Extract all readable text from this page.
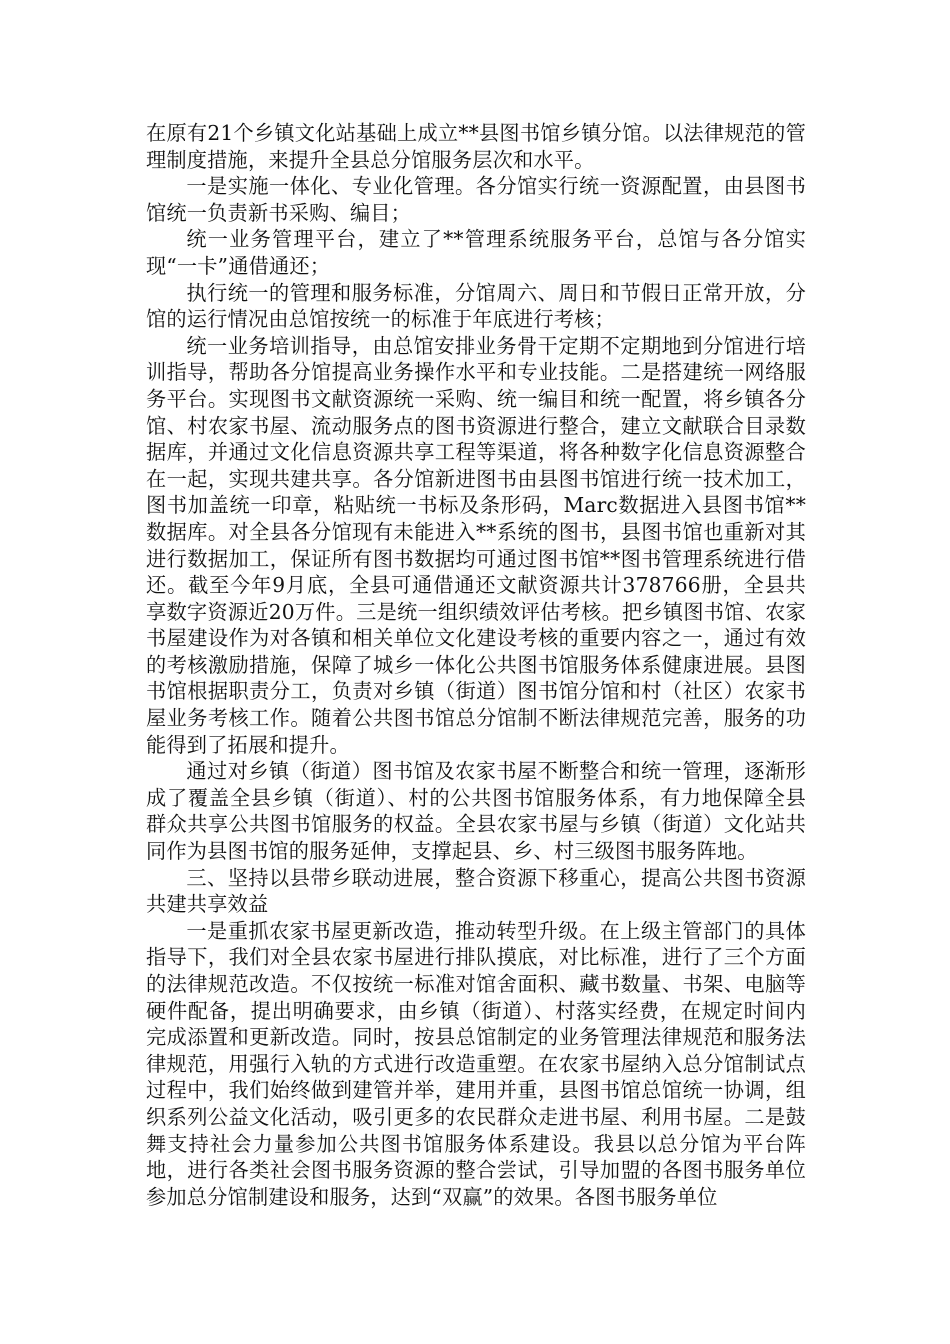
在原有21个乡镇文化站基础上成立**县图书馆乡镇分馆。以法律规范的管理制度措施，来提升全县总分馆服务层次和水平。

一是实施一体化、专业化管理。各分馆实行统一资源配置，由县图书馆统一负责新书采购、编目；

统一业务管理平台，建立了**管理系统服务平台，总馆与各分馆实现“一卡”通借通还；

执行统一的管理和服务标准，分馆周六、周日和节假日正常开放，分馆的运行情况由总馆按统一的标准于年底进行考核；

统一业务培训指导，由总馆安排业务骨干定期不定期地到分馆进行培训指导，帮助各分馆提高业务操作水平和专业技能。二是搭建统一网络服务平台。实现图书文献资源统一采购、统一编目和统一配置，将乡镇各分馆、村农家书屋、流动服务点的图书资源进行整合，建立文献联合目录数据库，并通过文化信息资源共享工程等渠道，将各种数字化信息资源整合在一起，实现共建共享。各分馆新进图书由县图书馆进行统一技术加工，图书加盖统一印章，粘贴统一书标及条形码，Marc数据进入县图书馆**数据库。对全县各分馆现有未能进入**系统的图书，县图书馆也重新对其进行数据加工，保证所有图书数据均可通过图书馆**图书管理系统进行借还。截至今年9月底，全县可通借通还文献资源共计378766册，全县共享数字资源近20万件。三是统一组织绩效评估考核。把乡镇图书馆、农家书屋建设作为对各镇和相关单位文化建设考核的重要内容之一，通过有效的考核激励措施，保障了城乡一体化公共图书馆服务体系健康进展。县图书馆根据职责分工，负责对乡镇（街道）图书馆分馆和村（社区）农家书屋业务考核工作。随着公共图书馆总分馆制不断法律规范完善，服务的功能得到了拓展和提升。

通过对乡镇（街道）图书馆及农家书屋不断整合和统一管理，逐渐形成了覆盖全县乡镇（街道）、村的公共图书馆服务体系，有力地保障全县群众共享公共图书馆服务的权益。全县农家书屋与乡镇（街道）文化站共同作为县图书馆的服务延伸，支撑起县、乡、村三级图书服务阵地。

三、坚持以县带乡联动进展，整合资源下移重心，提高公共图书资源共建共享效益

一是重抓农家书屋更新改造，推动转型升级。在上级主管部门的具体指导下，我们对全县农家书屋进行排队摸底，对比标准，进行了三个方面的法律规范改造。不仅按统一标准对馆舍面积、藏书数量、书架、电脑等硬件配备，提出明确要求，由乡镇（街道）、村落实经费，在规定时间内完成添置和更新改造。同时，按县总馆制定的业务管理法律规范和服务法律规范，用强行入轨的方式进行改造重塑。在农家书屋纳入总分馆制试点过程中，我们始终做到建管并举，建用并重，县图书馆总馆统一协调，组织系列公益文化活动，吸引更多的农民群众走进书屋、利用书屋。二是鼓舞支持社会力量参加公共图书馆服务体系建设。我县以总分馆为平台阵地，进行各类社会图书服务资源的整合尝试，引导加盟的各图书服务单位参加总分馆制建设和服务，达到“双赢”的效果。各图书服务单位
